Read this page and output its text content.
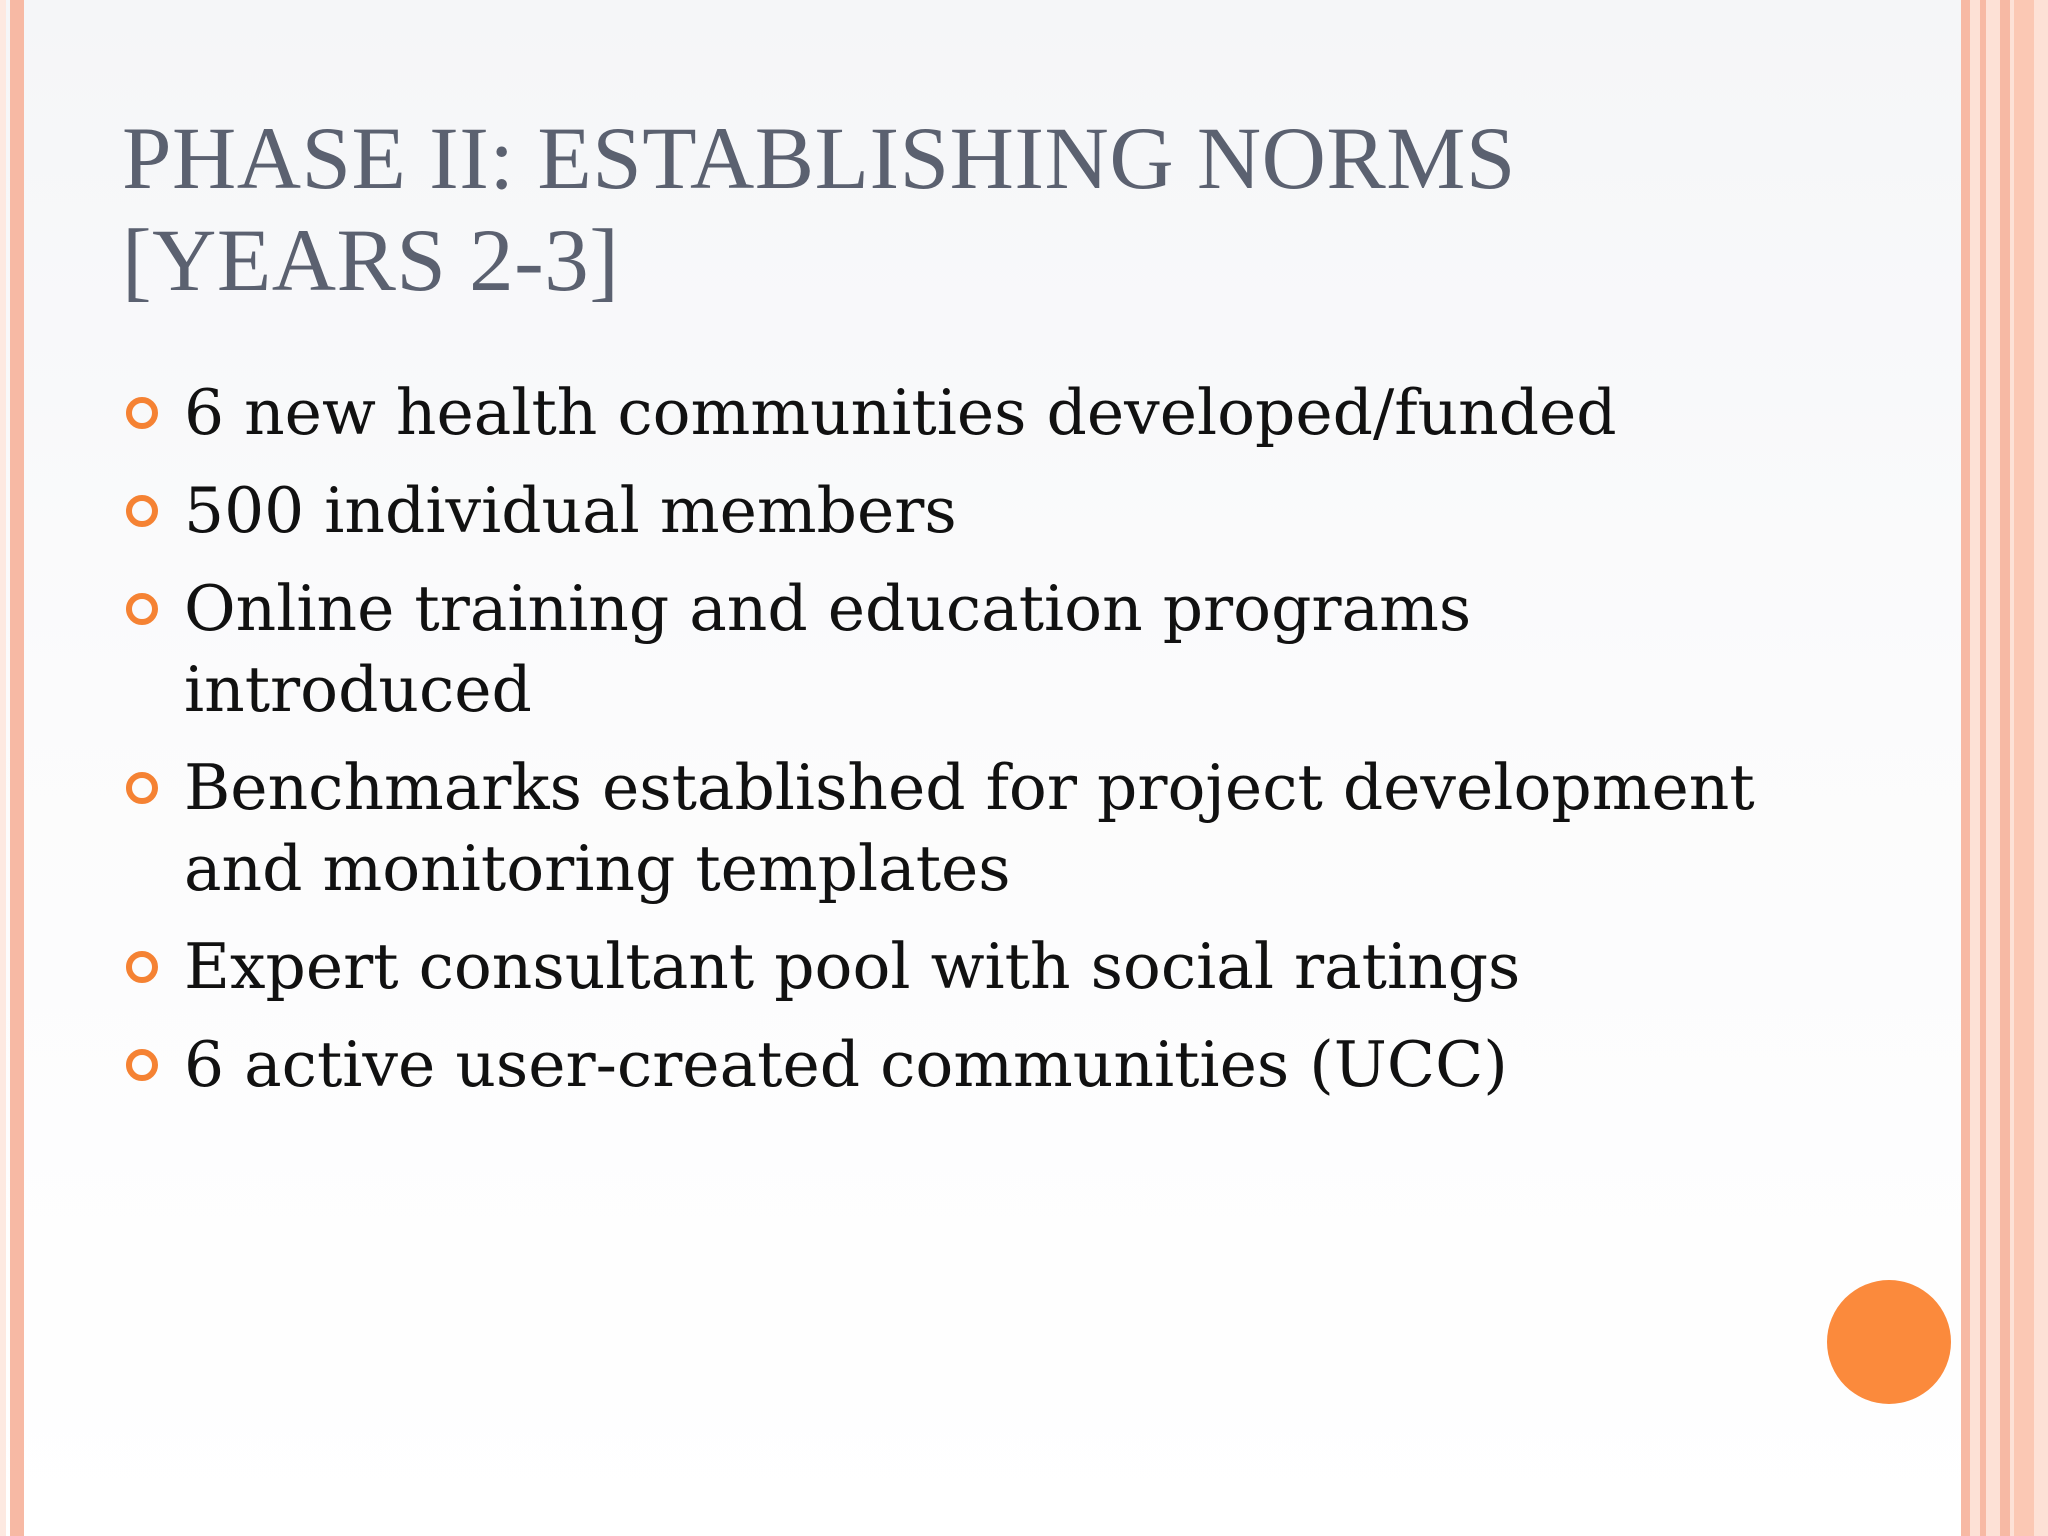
PHASE II: ESTABLISHING NORMS
[YEARS 2-3]
6 new health communities developed/funded
500 individual members
Online training and education programs introduced
Benchmarks established for project development and monitoring templates
Expert consultant pool with social ratings
6 active user-created communities (UCC)
